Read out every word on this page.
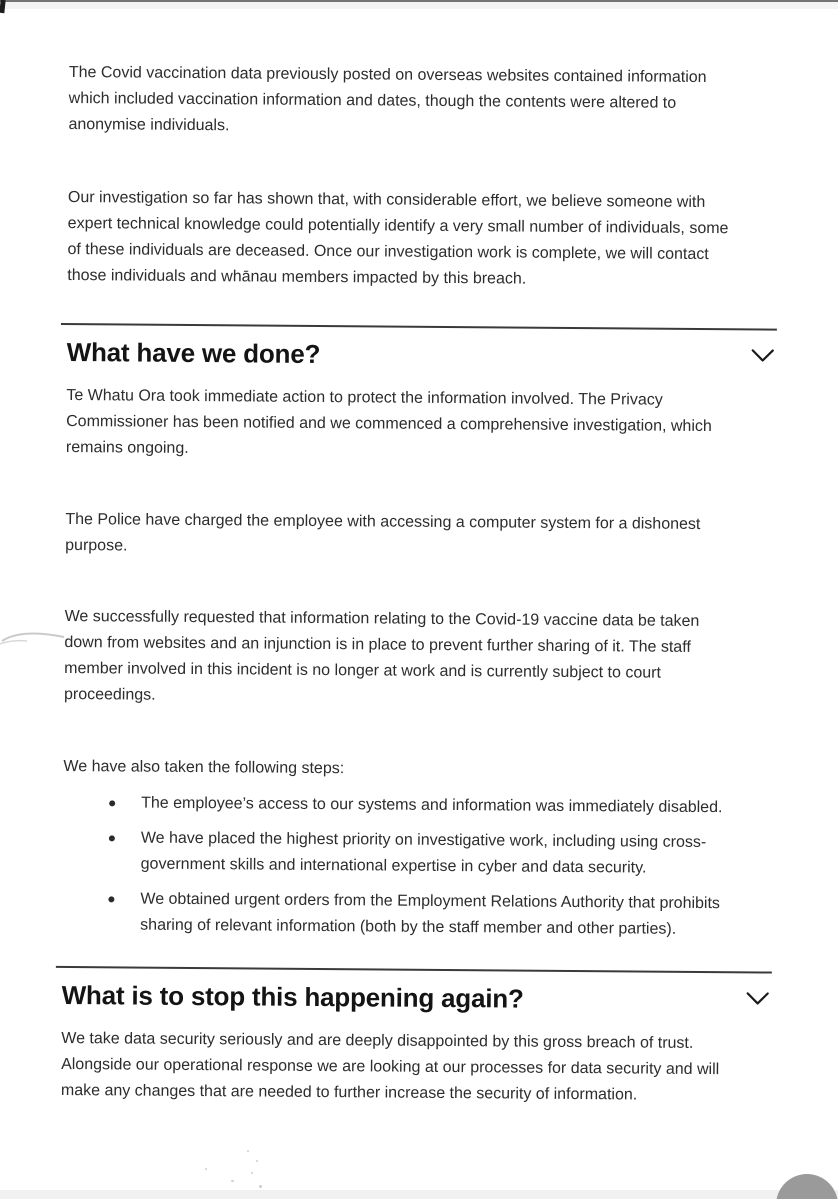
The Covid vaccination data previously posted on overseas websites contained information
which included vaccination information and dates, though the contents were altered to
anonymise individuals.

Our investigation so far has shown that, with considerable effort, we believe someone with
expert technical knowledge could potentially identify a very small number of individuals, some
of these individuals are deceased. Once our investigation work is complete, we will contact
those individuals and whānau members impacted by this breach.

What have we done?

Te Whatu Ora took immediate action to protect the information involved. The Privacy
Commissioner has been notified and we commenced a comprehensive investigation, which
remains ongoing.

The Police have charged the employee with accessing a computer system for a dishonest
purpose.

We successfully requested that information relating to the Covid-19 vaccine data be taken
down from websites and an injunction is in place to prevent further sharing of it. The staff
member involved in this incident is no longer at work and is currently subject to court
proceedings.

We have also taken the following steps:

The employee’s access to our systems and information was immediately disabled.
We have placed the highest priority on investigative work, including using cross-
government skills and international expertise in cyber and data security.
We obtained urgent orders from the Employment Relations Authority that prohibits
sharing of relevant information (both by the staff member and other parties).
What is to stop this happening again?

We take data security seriously and are deeply disappointed by this gross breach of trust.
Alongside our operational response we are looking at our processes for data security and will
make any changes that are needed to further increase the security of information.
